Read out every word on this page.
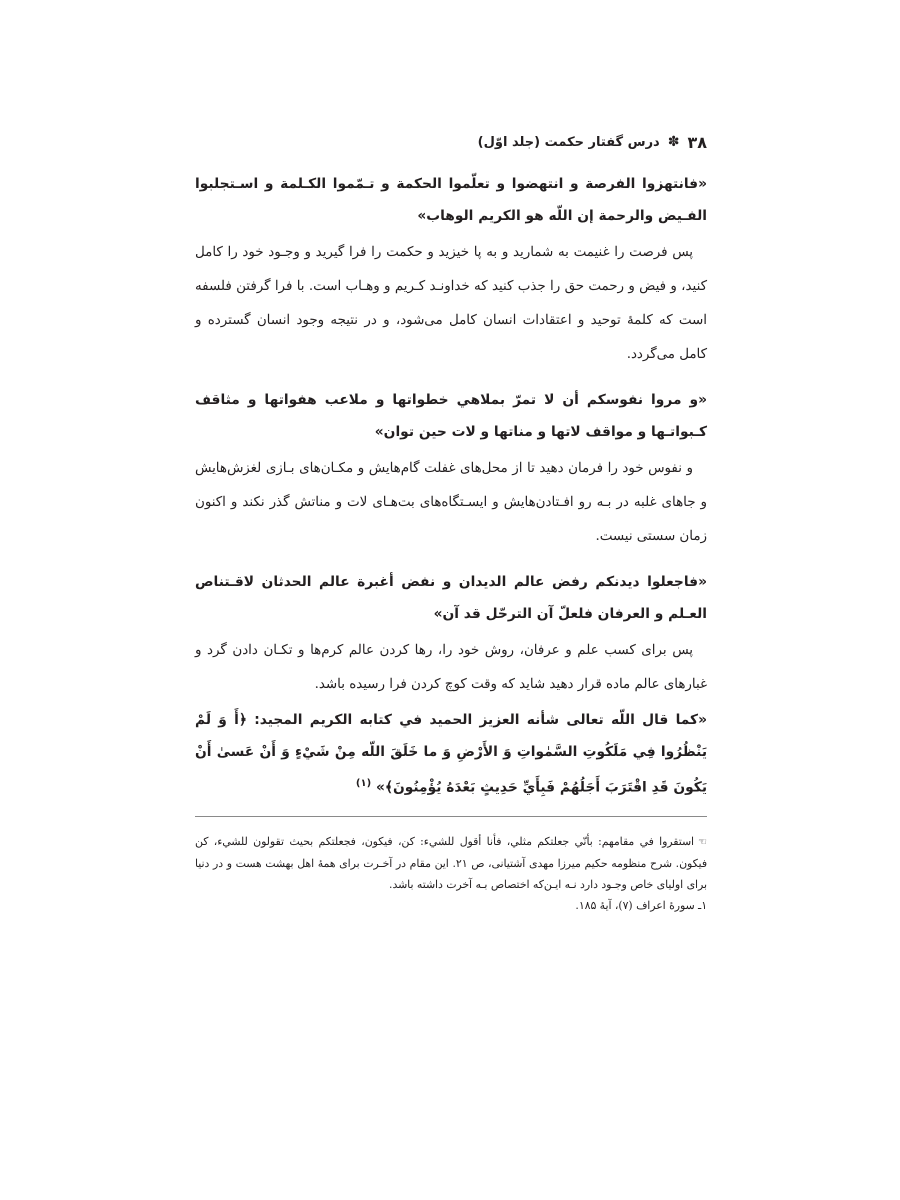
۳۸
✽
درس گفتار حکمت (جلد اوّل)

«فانتهزوا الفرصة و انتهضوا و تعلّموا الحكمة و تـمّموا الكـلمة و اسـتجلبوا الفـيض والرحمة إن اللّه هو الكريم الوهاب»

پس فرصت را غنیمت به شمارید و به پا خیزید و حکمت را فرا گیرید و وجـود خود را کامل کنید، و فیض و رحمت حق را جذب کنید که خداونـد کـریم و وهـاب است. با فرا گرفتن فلسفه است که کلمهٔ توحید و اعتقادات انسان کامل می‌شود، و در نتیجه وجود انسان گسترده و کامل می‌گردد.

«و مروا نفوسكم أن لا تمرّ بملاهي خطواتها و ملاعب هفواتها و مثاقف كـبواتـها و مواقف لاتها و مناتها و لات حين توان»

و نفوس خود را فرمان دهید تا از محل‌های غفلت گام‌هایش و مکـان‌های بـازی لغزش‌هایش و جاهای غلبه در بـه رو افـتادن‌هایش و ایسـتگاه‌های بت‌هـای لات و مناتش گذر نکند و اکنون زمان سستی نیست.

«فاجعلوا ديدنكم رفض عالم الديدان و نفض أغبرة عالم الحدثان لاقـتناص العـلم و العرفان فلعلّ آن الترحّل قد آن»

پس برای کسب علم و عرفان، روش خود را، رها کردن عالم کرم‌ها و تکـان دادن گرد و غبارهای عالم ماده قرار دهید شاید که وقت کوچ کردن فرا رسیده باشد.

«كما قال اللّه تعالى شأنه العزيز الحميد في كتابه الكريم المجيد: ﴿أَ وَ لَمْ يَنْظُرُوا فِي مَلَكُوتِ السَّمٰواتِ وَ الأَرْضِ وَ ما خَلَقَ اللّه مِنْ شَيْءٍ وَ أَنْ عَسىٰ أَنْ يَكُونَ قَدِ اقْتَرَبَ أَجَلُهُمْ فَبِأَيِّ حَدِيثٍ بَعْدَهُ يُؤْمِنُونَ﴾» $^{(۱)}$

☜استقروا في مقامهم: بأنّي جعلتكم مثلي، فأنا أقول للشيء: كن، فيكون، فجعلتكم بحيث تقولون للشيء، كن فيكون. شرح منظومه حکیم میرزا مهدی آشتیانی، ص ۲۱. این مقام در آخـرت برای همهٔ اهل بهشت هست و در دنیا برای اولیای خاص وجـود دارد نـه ایـن‌که اختصاص بـه آخرت داشته باشد.

۱ـ سورهٔ اعراف (۷)، آیهٔ ۱۸۵.
